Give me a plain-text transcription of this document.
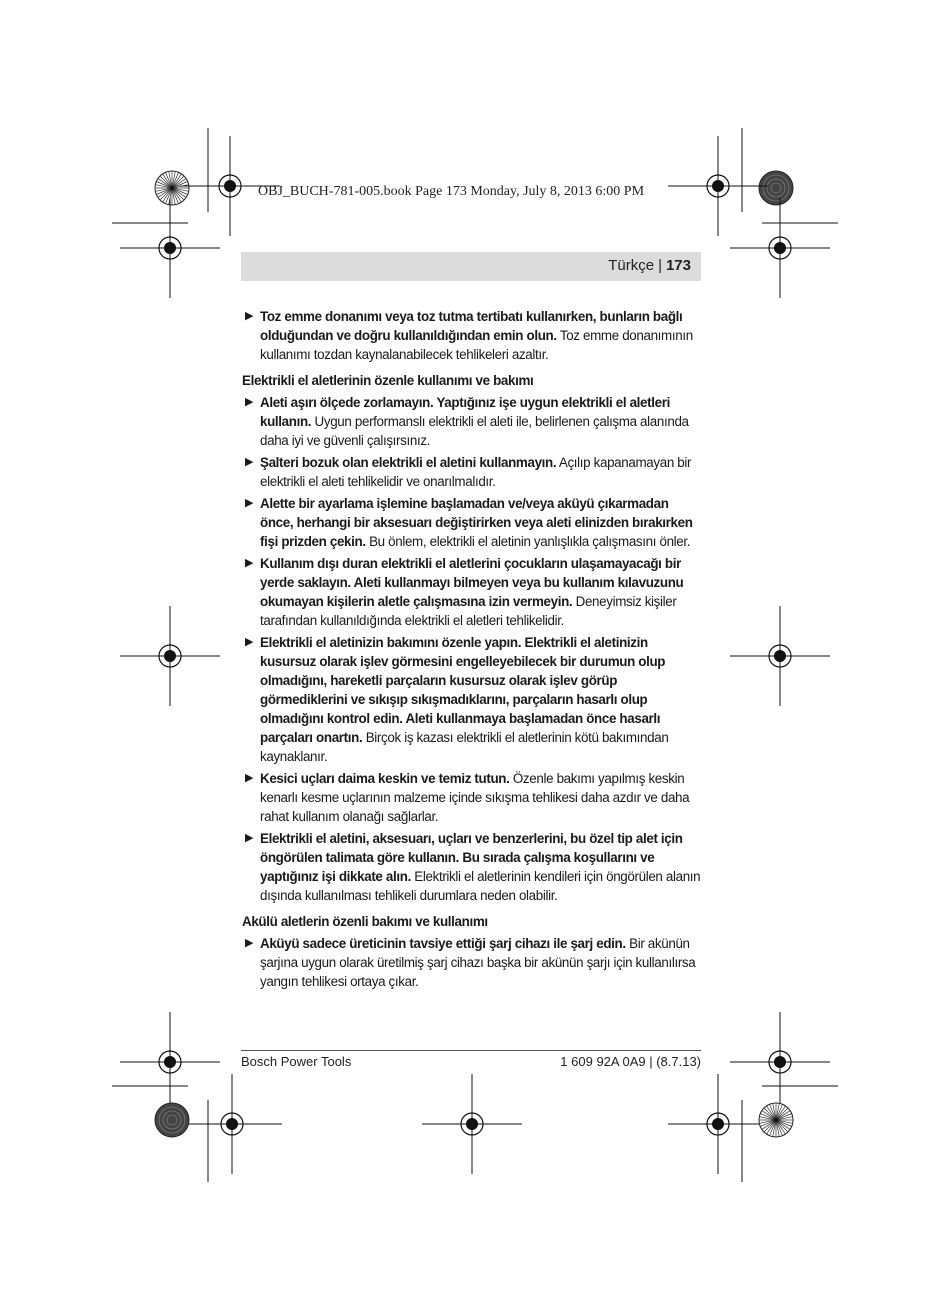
OBJ_BUCH-781-005.book Page 173 Monday, July 8, 2013 6:00 PM
Türkçe | 173
▶ Toz emme donanımı veya toz tutma tertibatı kullanırken, bunların bağlı olduğundan ve doğru kullanıldığından emin olun. Toz emme donanımının kullanımı tozdan kaynalanabilecek tehlikeleri azaltır.
Elektrikli el aletlerinin özenle kullanımı ve bakımı
▶ Aleti aşırı ölçede zorlamayın. Yaptığınız işe uygun elektrikli el aletleri kullanın. Uygun performanslı elektrikli el aleti ile, belirlenen çalışma alanında daha iyi ve güvenli çalışırsınız.
▶ Şalteri bozuk olan elektrikli el aletini kullanmayın. Açılıp kapanamayan bir elektrikli el aleti tehlikelidir ve onarılmalıdır.
▶ Alette bir ayarlama işlemine başlamadan ve/veya aküyü çıkarmadan önce, herhangi bir aksesuarı değiştirirken veya aleti elinizden bırakırken fişi prizden çekin. Bu önlem, elektrikli el aletinin yanlışlıkla çalışmasını önler.
▶ Kullanım dışı duran elektrikli el aletlerini çocukların ulaşamayacağı bir yerde saklayın. Aleti kullanmayı bilmeyen veya bu kullanım kılavuzunu okumayan kişilerin aletle çalışmasına izin vermeyin. Deneyimsiz kişiler tarafından kullanıldığında elektrikli el aletleri tehlikelidir.
▶ Elektrikli el aletinizin bakımını özenle yapın. Elektrikli el aletinizin kusursuz olarak işlev görmesini engelleyebilecek bir durumun olup olmadığını, hareketli parçaların kusursuz olarak işlev görüp görmediklerini ve sıkışıp sıkışmadıklarını, parçaların hasarlı olup olmadığını kontrol edin. Aleti kullanmaya başlamadan önce hasarlı parçaları onartın. Birçok iş kazası elektrikli el aletlerinin kötü bakımından kaynaklanır.
▶ Kesici uçları daima keskin ve temiz tutun. Özenle bakımı yapılmış keskin kenarlı kesme uçlarının malzeme içinde sıkışma tehlikesi daha azdır ve daha rahat kullanım olanağı sağlarlar.
▶ Elektrikli el aletini, aksesuarı, uçları ve benzerlerini, bu özel tip alet için öngörülen talimata göre kullanın. Bu sırada çalışma koşullarını ve yaptığınız işi dikkate alın. Elektrikli el aletlerinin kendileri için öngörülen alanın dışında kullanılması tehlikeli durumlara neden olabilir.
Akülü aletlerin özenli bakımı ve kullanımı
▶ Aküyü sadece üreticinin tavsiye ettiği şarj cihazı ile şarj edin. Bir akünün şarjına uygun olarak üretilmiş şarj cihazı başka bir akünün şarjı için kullanılırsa yangın tehlikesi ortaya çıkar.
Bosch Power Tools	1 609 92A 0A9 | (8.7.13)
